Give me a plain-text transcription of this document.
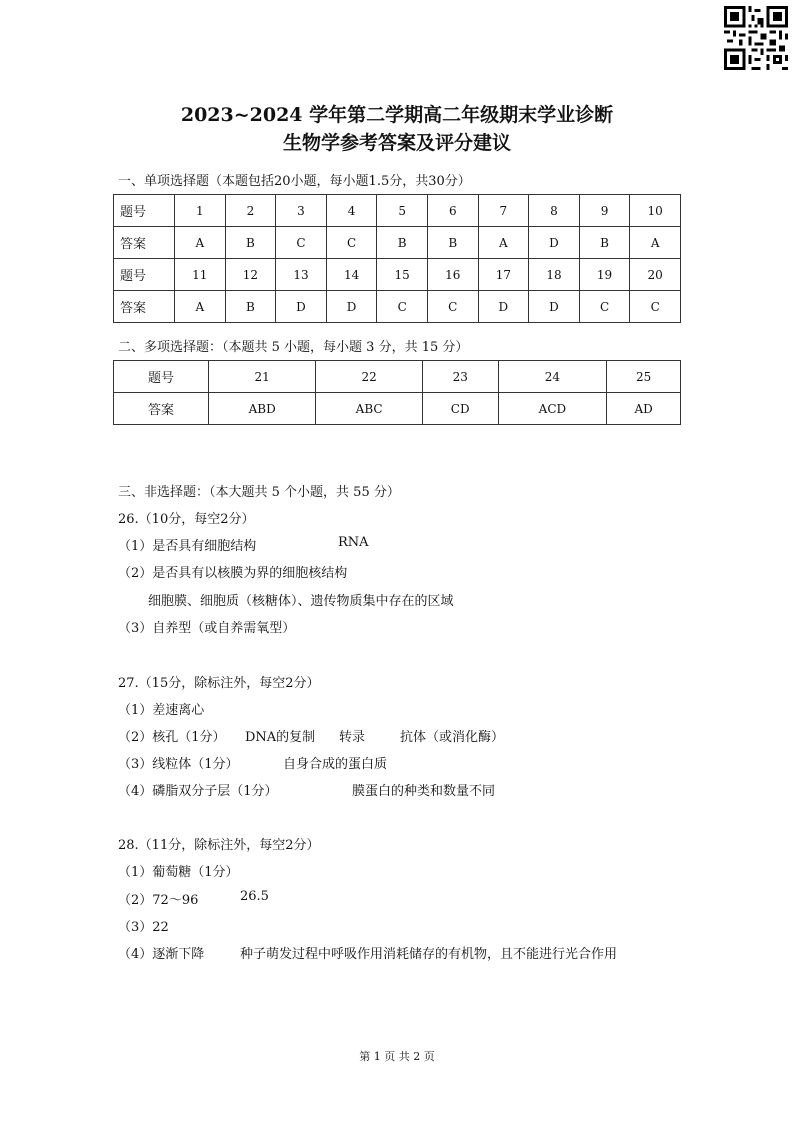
2023~2024 学年第二学期高二年级期末学业诊断
生物学参考答案及评分建议
一、单项选择题（本题包括20小题，每小题1.5分，共30分）
题号	1	2	3	4	5	6	7	8	9	10
答案	A	B	C	C	B	B	A	D	B	A
题号	11	12	13	14	15	16	17	18	19	20
答案	A	B	D	D	C	C	D	D	C	C
二、多项选择题：（本题共 5 小题，每小题 3 分，共 15 分）
题号	21	22	23	24	25
答案	ABD	ABC	CD	ACD	AD
三、非选择题：（本大题共 5 个小题，共 55 分）
26.（10分，每空2分）
（1）是否具有细胞结构	RNA
（2）是否具有以核膜为界的细胞核结构
细胞膜、细胞质（核糖体）、遗传物质集中存在的区域
（3）自养型（或自养需氧型）
27.（15分，除标注外，每空2分）
（1）差速离心
（2）核孔（1分） DNA的复制 转录	抗体（或消化酶）
（3）线粒体（1分）	自身合成的蛋白质
（4）磷脂双分子层（1分）	膜蛋白的种类和数量不同
28.（11分，除标注外，每空2分）
（1）葡萄糖（1分）
（2）72～96	26.5
（3）22
（4）逐渐下降	种子萌发过程中呼吸作用消耗储存的有机物，且不能进行光合作用
第 1 页 共 2 页
